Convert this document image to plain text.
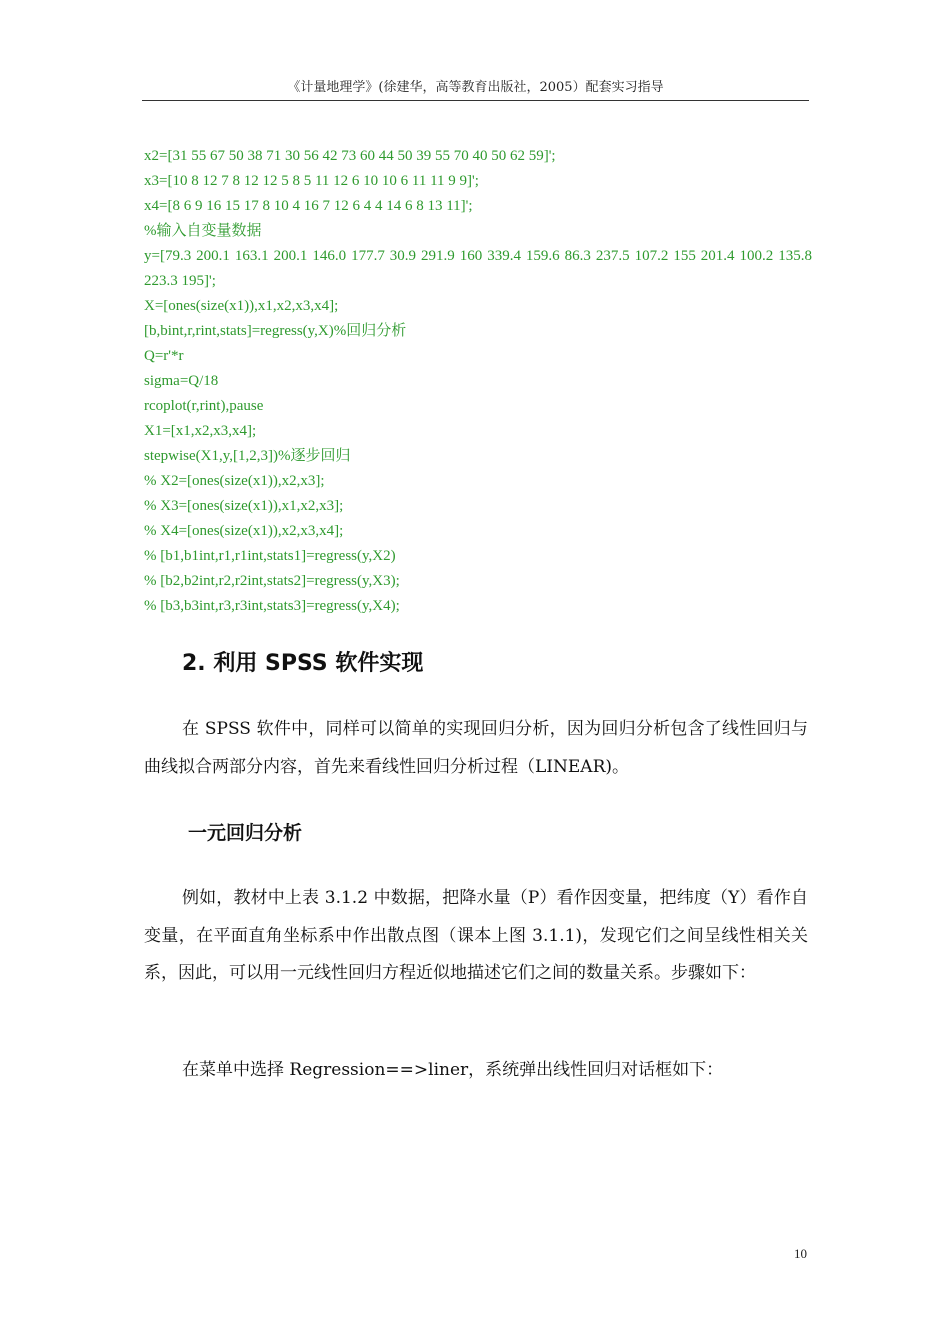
《计量地理学》(徐建华，高等教育出版社，2005）配套实习指导
x2=[31 55 67 50 38 71 30 56 42 73 60 44 50 39 55 70 40 50 62 59]';
x3=[10 8 12 7 8 12 12 5 8 5 11 12 6 10 10 6 11 11 9 9]';
x4=[8 6 9 16 15 17 8 10 4 16 7 12 6 4 4 14 6 8 13 11]';
%输入自变量数据
y=[79.3 200.1 163.1 200.1 146.0 177.7 30.9 291.9 160 339.4 159.6 86.3 237.5 107.2 155 201.4 100.2 135.8 223.3 195]';
X=[ones(size(x1)),x1,x2,x3,x4];
[b,bint,r,rint,stats]=regress(y,X)%回归分析
Q=r'*r
sigma=Q/18
rcoplot(r,rint),pause
X1=[x1,x2,x3,x4];
stepwise(X1,y,[1,2,3])%逐步回归
% X2=[ones(size(x1)),x2,x3];
% X3=[ones(size(x1)),x1,x2,x3];
% X4=[ones(size(x1)),x2,x3,x4];
% [b1,b1int,r1,r1int,stats1]=regress(y,X2)
% [b2,b2int,r2,r2int,stats2]=regress(y,X3);
% [b3,b3int,r3,r3int,stats3]=regress(y,X4);
2. 利用 SPSS 软件实现

在 SPSS 软件中，同样可以简单的实现回归分析，因为回归分析包含了线性回归与曲线拟合两部分内容，首先来看线性回归分析过程（LINEAR)。

一元回归分析

例如，教材中上表 3.1.2 中数据，把降水量（P）看作因变量，把纬度（Y）看作自变量，在平面直角坐标系中作出散点图（课本上图 3.1.1)，发现它们之间呈线性相关关系，因此，可以用一元线性回归方程近似地描述它们之间的数量关系。步骤如下：

在菜单中选择 Regression==>liner，系统弹出线性回归对话框如下：

10
